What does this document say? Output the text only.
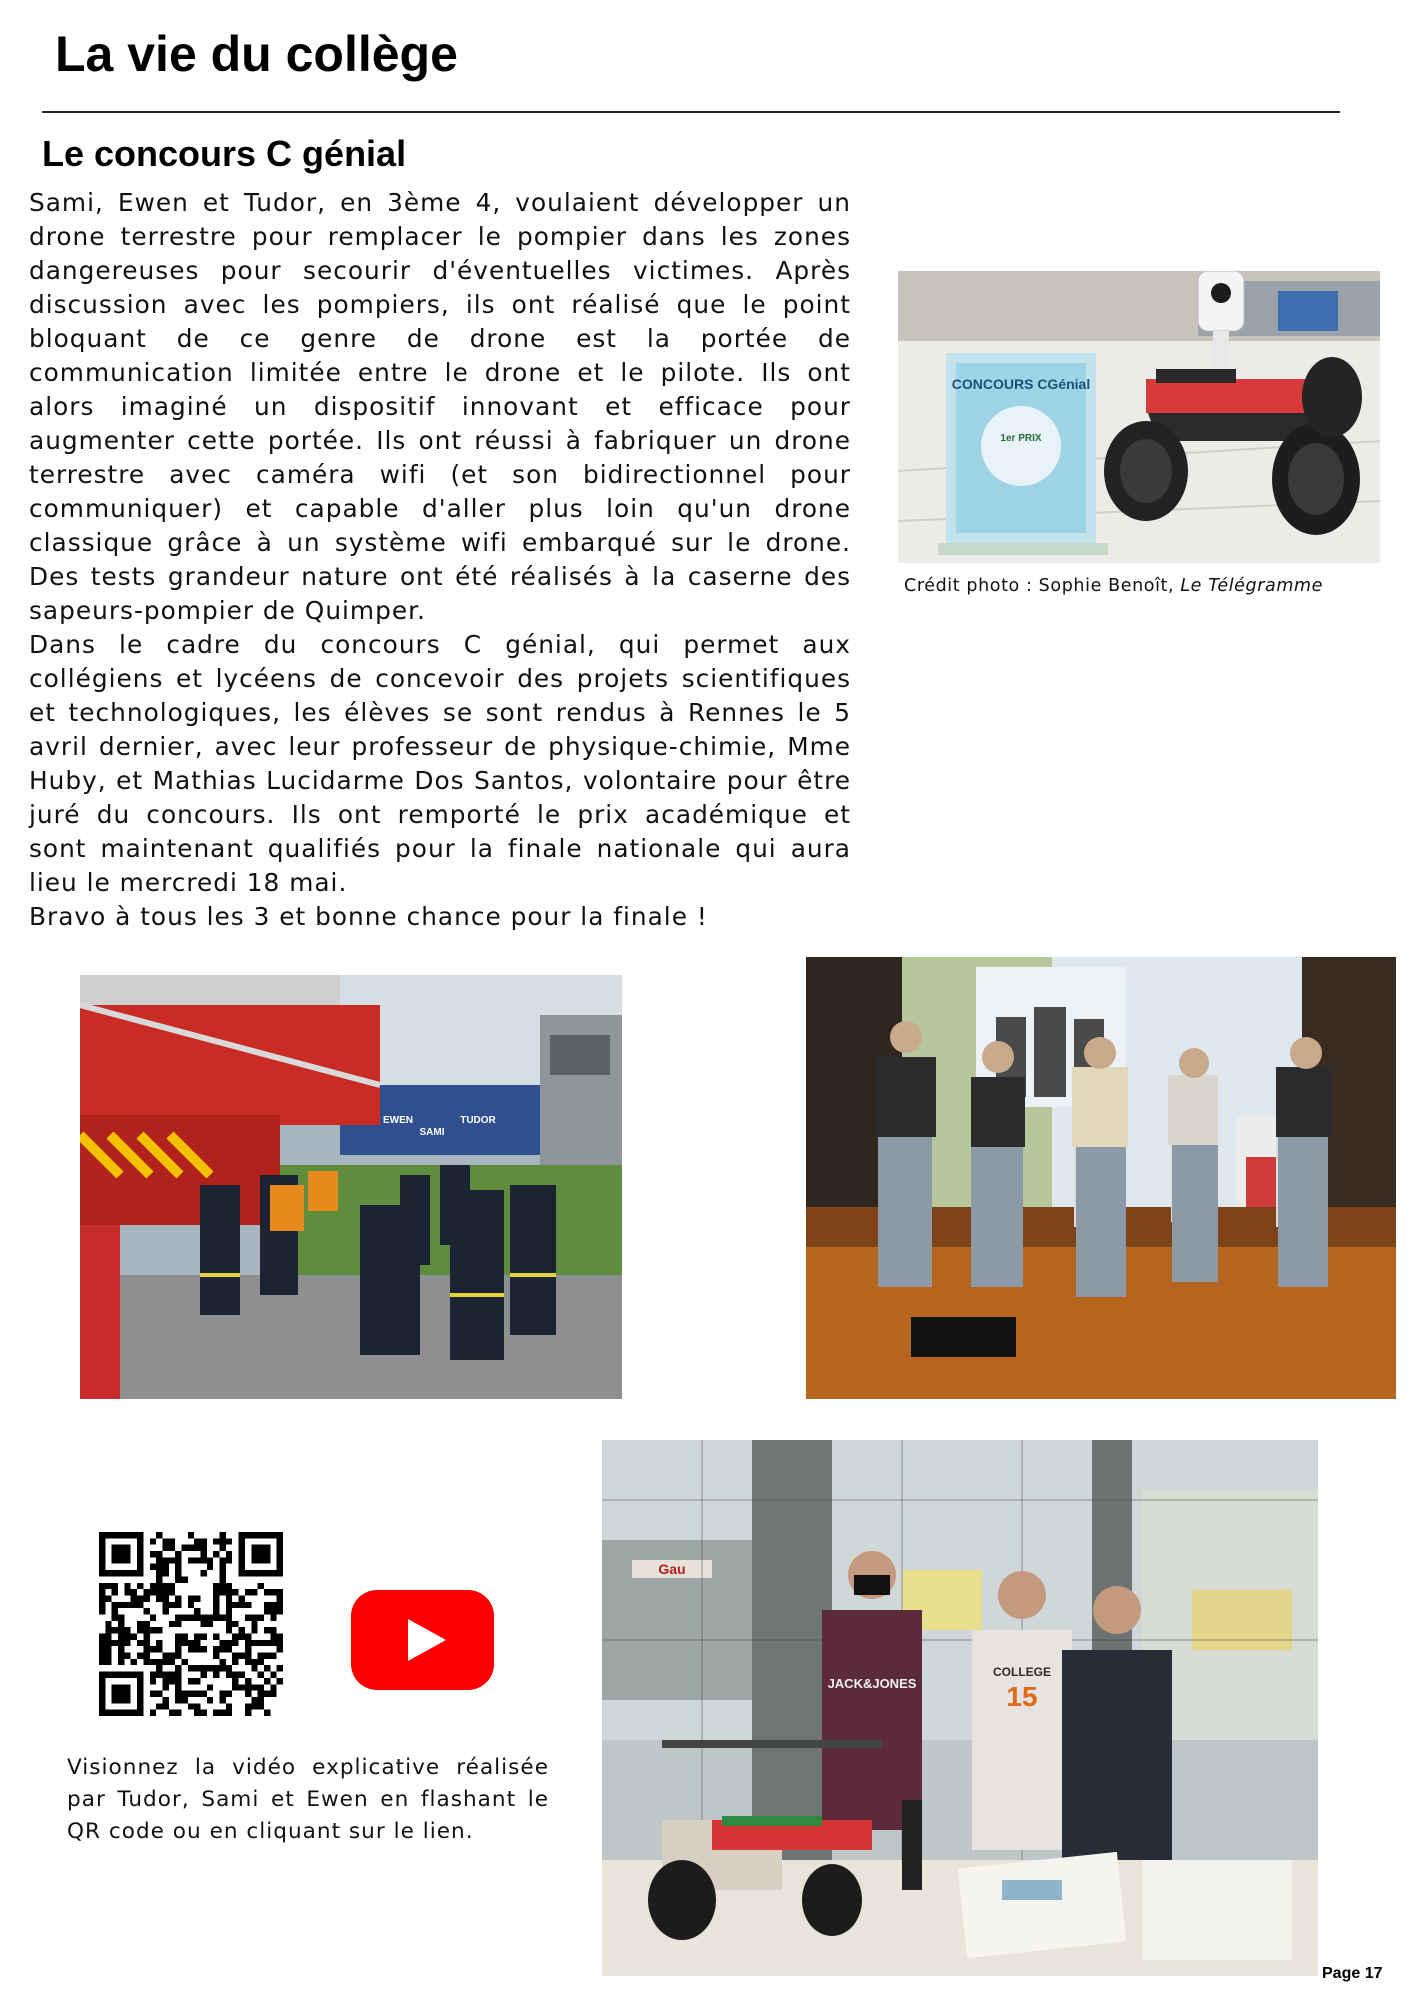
La vie du collège
Le concours C génial

Sami, Ewen et Tudor, en 3ème 4, voulaient développer un drone terrestre pour remplacer le pompier dans les zones dangereuses pour secourir d'éventuelles victimes. Après discussion avec les pompiers, ils ont réalisé que le point bloquant de ce genre de drone est la portée de communication limitée entre le drone et le pilote. Ils ont alors imaginé un dispositif innovant et efficace pour augmenter cette portée. Ils ont réussi à fabriquer un drone terrestre avec caméra wifi (et son bidirectionnel pour communiquer) et capable d'aller plus loin qu'un drone classique grâce à un système wifi embarqué sur le drone. Des tests grandeur nature ont été réalisés à la caserne des sapeurs-pompier de Quimper.

Dans le cadre du concours C génial, qui permet aux collégiens et lycéens de concevoir des projets scientifiques et technologiques, les élèves se sont rendus à Rennes le 5 avril dernier, avec leur professeur de physique-chimie, Mme Huby, et Mathias Lucidarme Dos Santos, volontaire pour être juré du concours. Ils ont remporté le prix académique et sont maintenant qualifiés pour la finale nationale qui aura lieu le mercredi 18 mai.

Bravo à tous les 3 et bonne chance pour la finale !

CONCOURS CGénial
1er PRIX
Crédit photo : Sophie Benoît, Le Télégramme
EWEN
SAMI
TUDOR
Gau
JACK&JONES
COLLEGE
15
Visionnez la vidéo explicative réalisée par Tudor, Sami et Ewen en flashant le QR code ou en cliquant sur le lien.
Page 17
